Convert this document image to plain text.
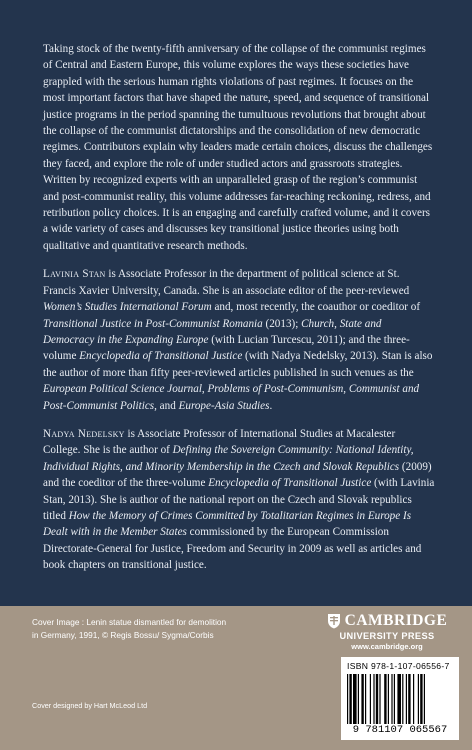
Taking stock of the twenty-fifth anniversary of the collapse of the communist regimes of Central and Eastern Europe, this volume explores the ways these societies have grappled with the serious human rights violations of past regimes. It focuses on the most important factors that have shaped the nature, speed, and sequence of transitional justice programs in the period spanning the tumultuous revolutions that brought about the collapse of the communist dictatorships and the consolidation of new democratic regimes. Contributors explain why leaders made certain choices, discuss the challenges they faced, and explore the role of under studied actors and grassroots strategies. Written by recognized experts with an unparalleled grasp of the region’s communist and post-communist reality, this volume addresses far-reaching reckoning, redress, and retribution policy choices. It is an engaging and carefully crafted volume, and it covers a wide variety of cases and discusses key transitional justice theories using both qualitative and quantitative research methods.

Lavinia Stan is Associate Professor in the department of political science at St. Francis Xavier University, Canada. She is an associate editor of the peer-reviewed Women’s Studies International Forum and, most recently, the coauthor or coeditor of Transitional Justice in Post-Communist Romania (2013); Church, State and Democracy in the Expanding Europe (with Lucian Turcescu, 2011); and the three-volume Encyclopedia of Transitional Justice (with Nadya Nedelsky, 2013). Stan is also the author of more than fifty peer-reviewed articles published in such venues as the European Political Science Journal, Problems of Post-Communism, Communist and Post-Communist Politics, and Europe-Asia Studies.

Nadya Nedelsky is Associate Professor of International Studies at Macalester College. She is the author of Defining the Sovereign Community: National Identity, Individual Rights, and Minority Membership in the Czech and Slovak Republics (2009) and the coeditor of the three-volume Encyclopedia of Transitional Justice (with Lavinia Stan, 2013). She is author of the national report on the Czech and Slovak republics titled How the Memory of Crimes Committed by Totalitarian Regimes in Europe Is Dealt with in the Member States commissioned by the European Commission Directorate-General for Justice, Freedom and Security in 2009 as well as articles and book chapters on transitional justice.

Cover Image : Lenin statue dismantled for demolition in Germany, 1991, © Regis Bossu/ Sygma/Corbis
Cover designed by Hart McLeod Ltd
CAMBRIDGE
UNIVERSITY PRESS
www.cambridge.org
ISBN 978-1-107-06556-7
9 781107 065567
